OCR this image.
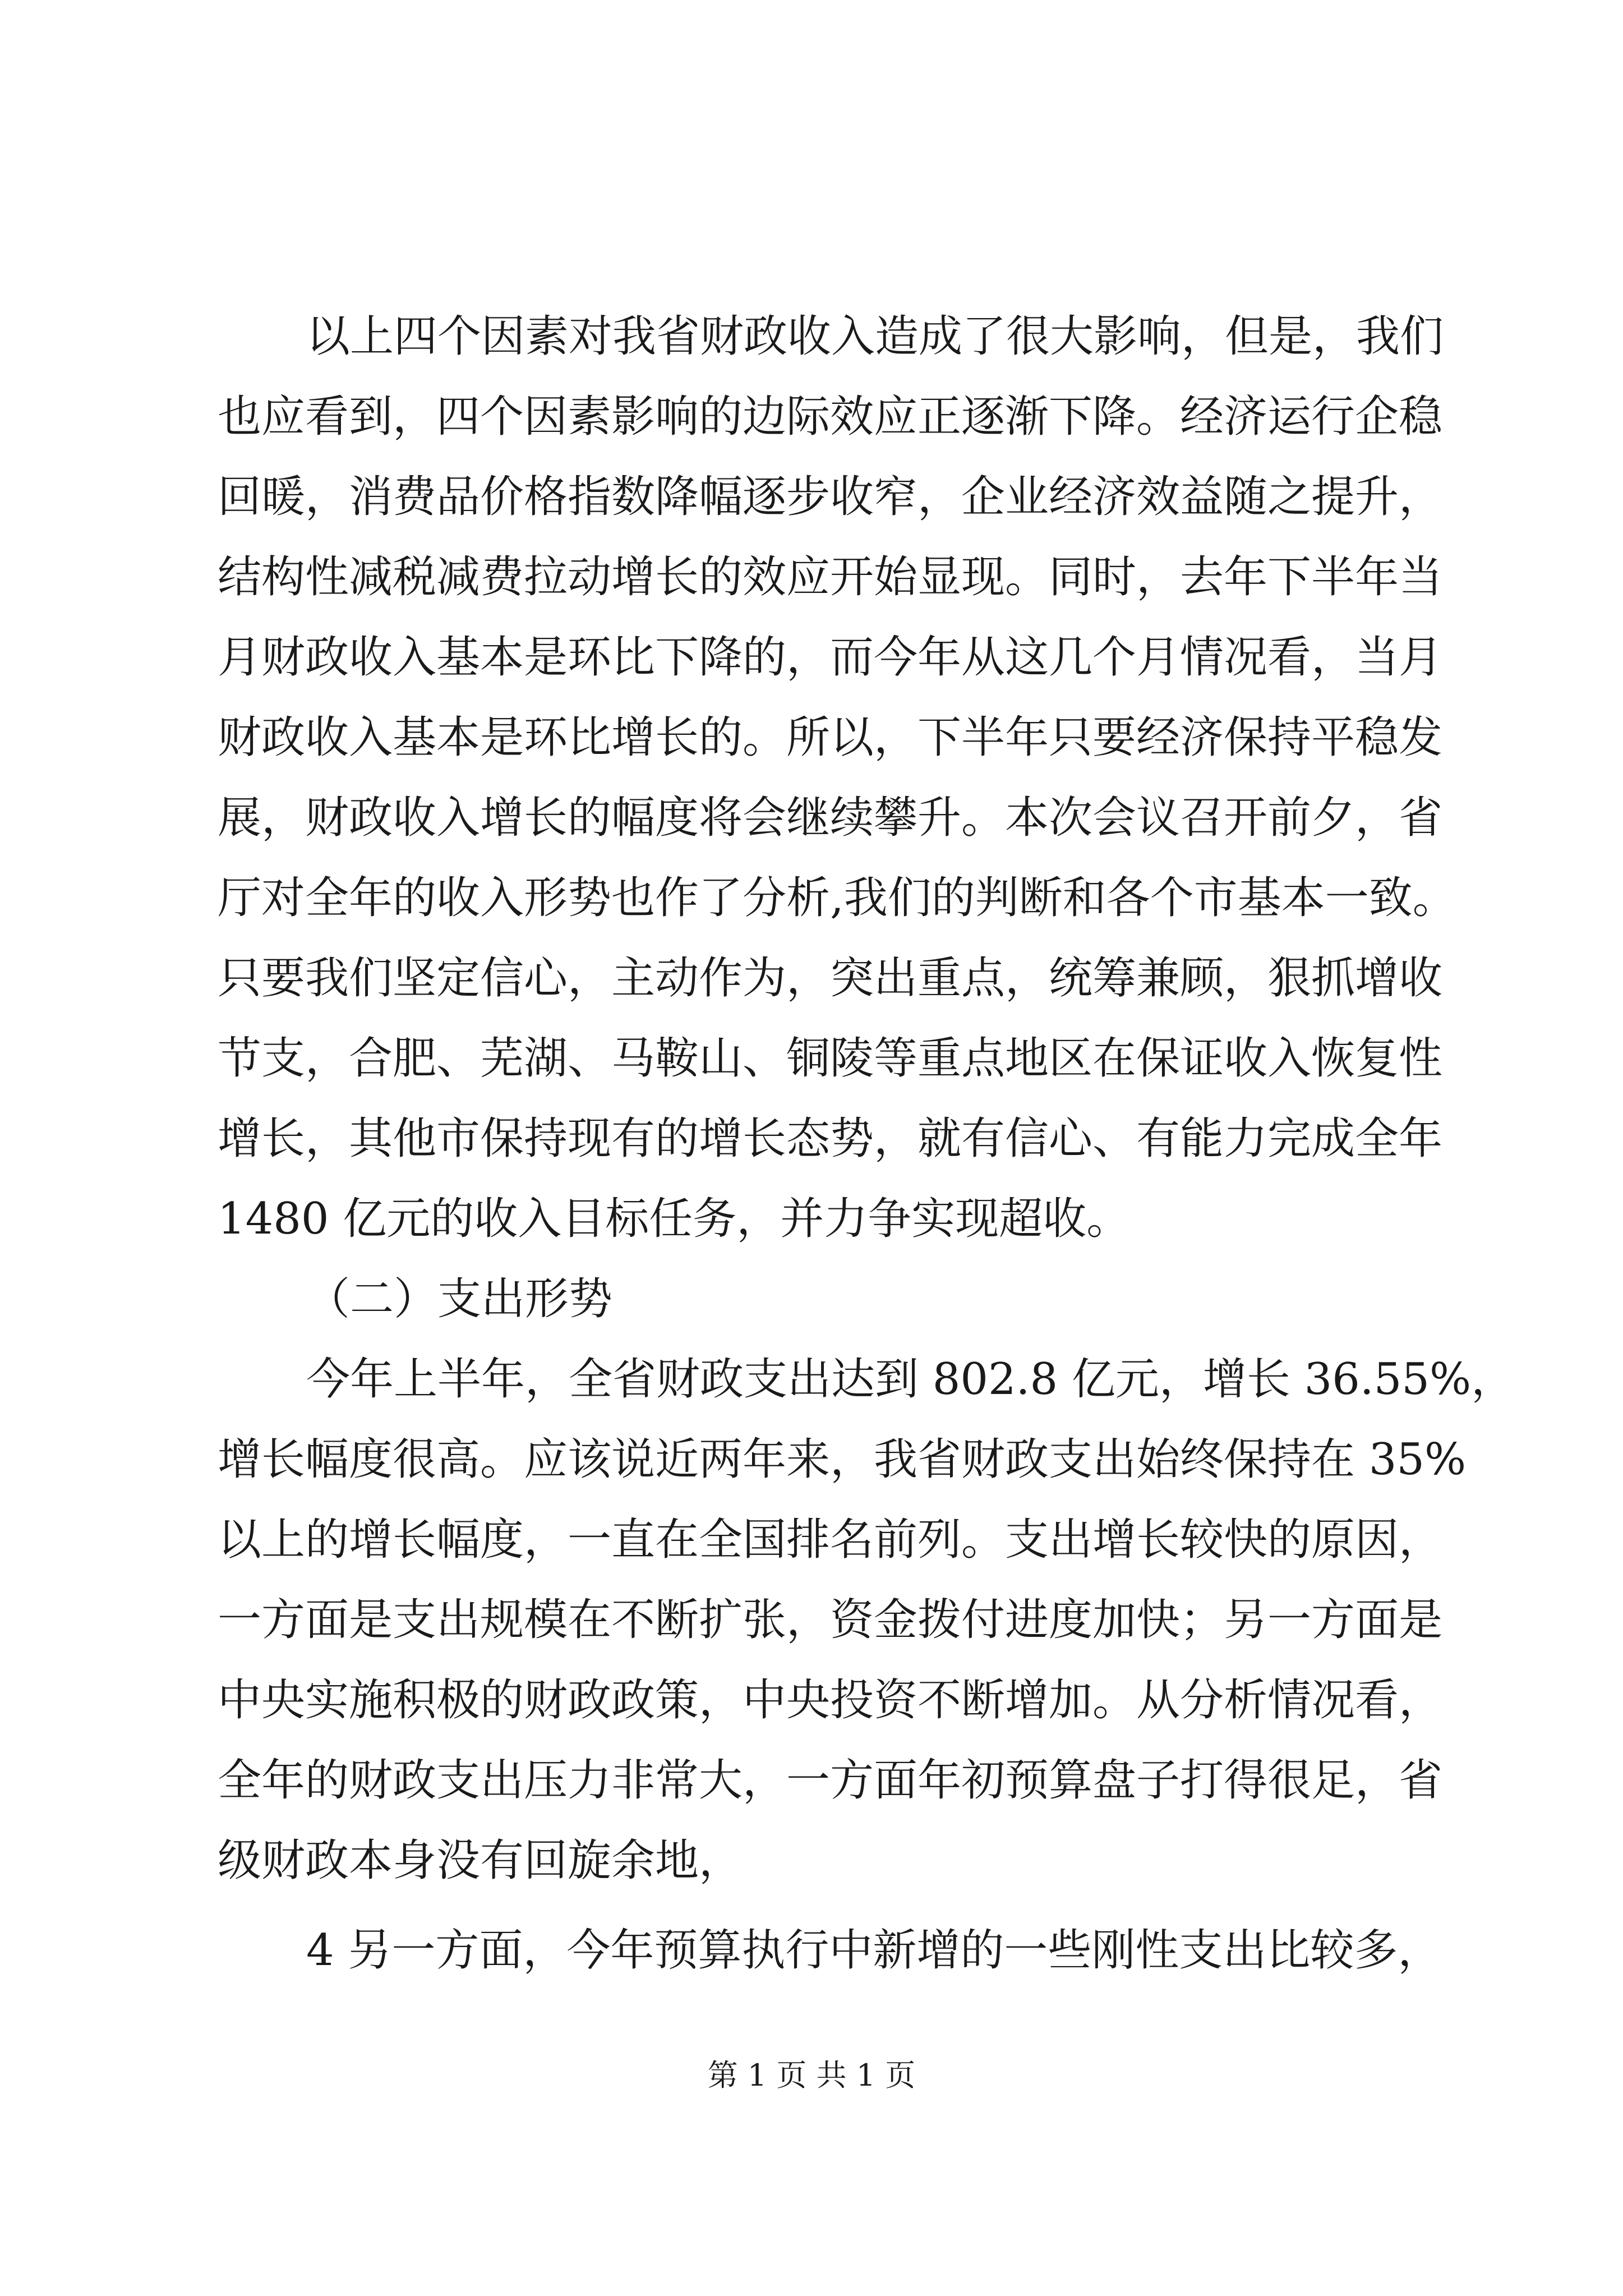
以上四个因素对我省财政收入造成了很大影响，但是，我们
也应看到，四个因素影响的边际效应正逐渐下降。经济运行企稳
回暖，消费品价格指数降幅逐步收窄，企业经济效益随之提升，
结构性减税减费拉动增长的效应开始显现。同时，去年下半年当
月财政收入基本是环比下降的，而今年从这几个月情况看，当月
财政收入基本是环比增长的。所以，下半年只要经济保持平稳发
展，财政收入增长的幅度将会继续攀升。本次会议召开前夕，省
厅对全年的收入形势也作了分析,我们的判断和各个市基本一致。
只要我们坚定信心，主动作为，突出重点，统筹兼顾，狠抓增收
节支，合肥、芜湖、马鞍山、铜陵等重点地区在保证收入恢复性
增长，其他市保持现有的增长态势，就有信心、有能力完成全年
1480 亿元的收入目标任务，并力争实现超收。
（二）支出形势
今年上半年，全省财政支出达到 802.8 亿元，增长 36.55%，
增长幅度很高。应该说近两年来，我省财政支出始终保持在 35%
以上的增长幅度，一直在全国排名前列。支出增长较快的原因，
一方面是支出规模在不断扩张，资金拨付进度加快；另一方面是
中央实施积极的财政政策，中央投资不断增加。从分析情况看，
全年的财政支出压力非常大，一方面年初预算盘子打得很足，省
级财政本身没有回旋余地，
4 另一方面，今年预算执行中新增的一些刚性支出比较多，
第 1 页 共 1 页
